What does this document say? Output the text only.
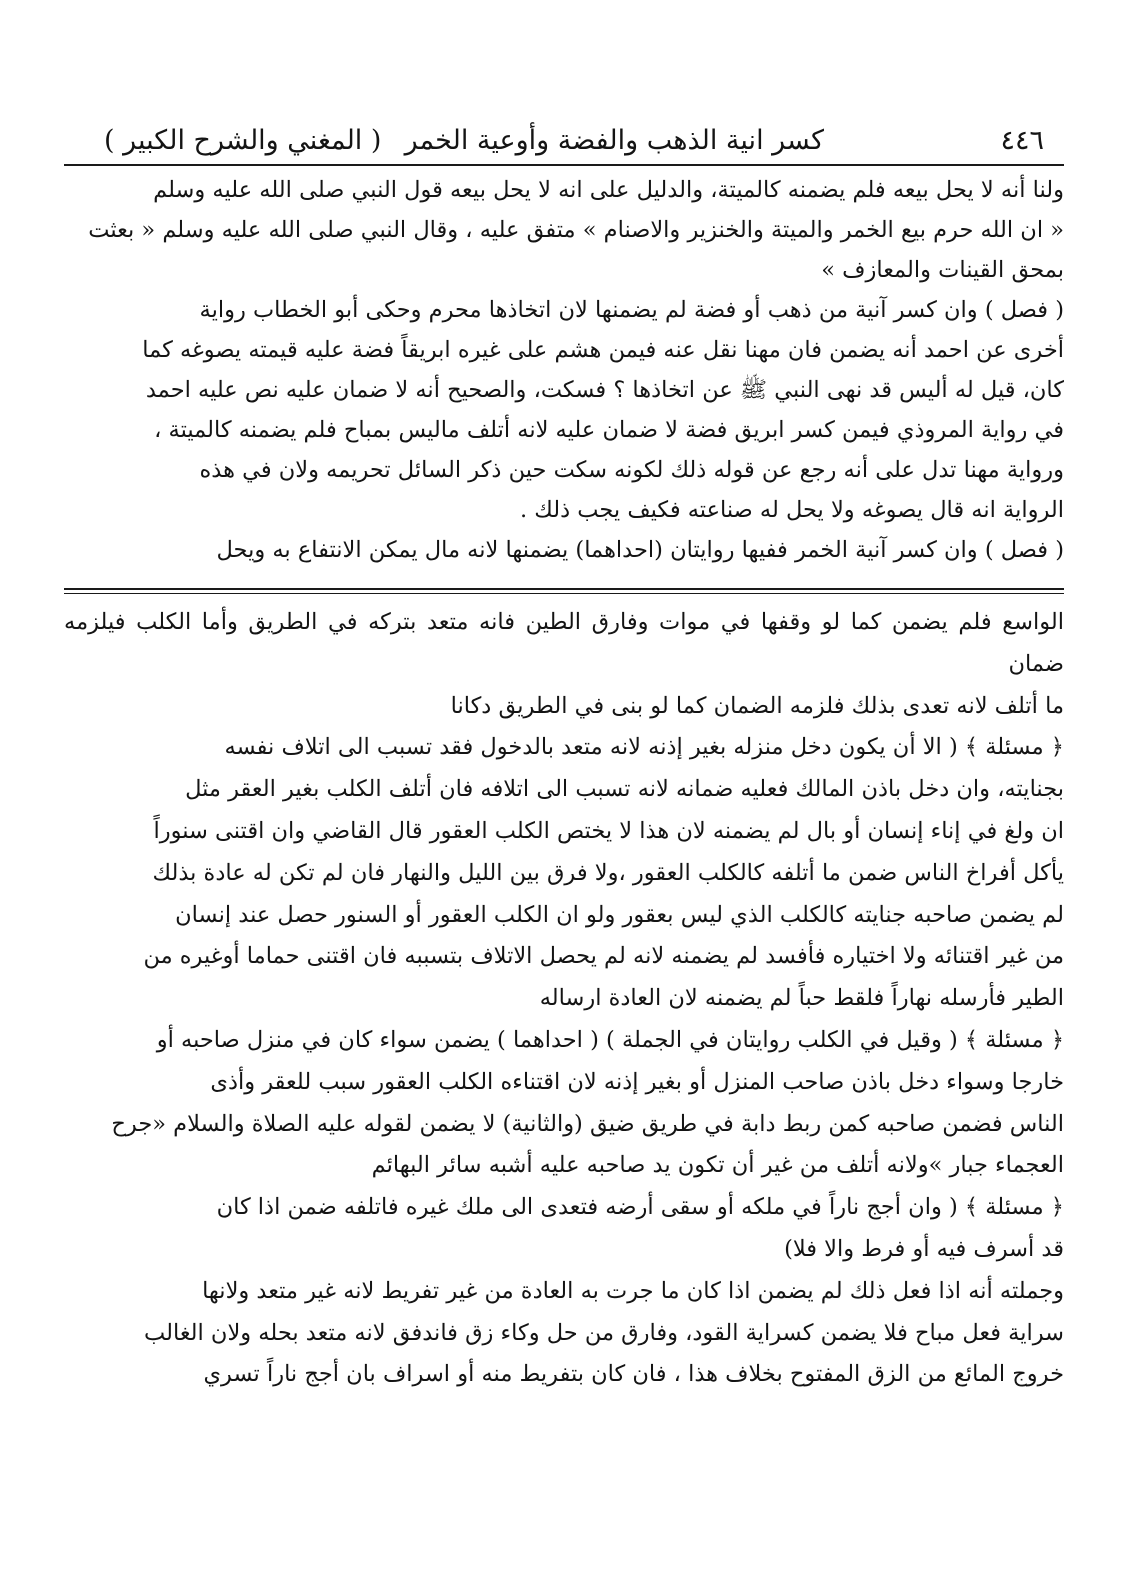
٤٤٦
كسر انية الذهب والفضة وأوعية الخمر
( المغني والشرح الكبير )

ولنا أنه لا يحل بيعه فلم يضمنه كالميتة، والدليل على انه لا يحل بيعه قول النبي صلى الله عليه وسلم

« ان الله حرم بيع الخمر والميتة والخنزير والاصنام » متفق عليه ، وقال النبي صلى الله عليه وسلم « بعثت

بمحق القينات والمعازف »

( فصل ) وان كسر آنية من ذهب أو فضة لم يضمنها لان اتخاذها محرم وحكى أبو الخطاب رواية

أخرى عن احمد أنه يضمن فان مهنا نقل عنه فيمن هشم على غيره ابريقاً فضة عليه قيمته يصوغه كما

كان، قيل له أليس قد نهى النبي ﷺ عن اتخاذها ؟ فسكت، والصحيح أنه لا ضمان عليه نص عليه احمد

في رواية المروذي فيمن كسر ابريق فضة لا ضمان عليه لانه أتلف ماليس بمباح فلم يضمنه كالميتة ،

ورواية مهنا تدل على أنه رجع عن قوله ذلك لكونه سكت حين ذكر السائل تحريمه ولان في هذه

الرواية انه قال يصوغه ولا يحل له صناعته فكيف يجب ذلك .

( فصل ) وان كسر آنية الخمر ففيها روايتان (احداهما) يضمنها لانه مال يمكن الانتفاع به ويحل

الواسع فلم يضمن كما لو وقفها في موات وفارق الطين فانه متعد بتركه في الطريق وأما الكلب فيلزمه ضمان

ما أتلف لانه تعدى بذلك فلزمه الضمان كما لو بنى في الطريق دكانا

﴿ مسئلة ﴾ ( الا أن يكون دخل منزله بغير إذنه لانه متعد بالدخول فقد تسبب الى اتلاف نفسه

بجنايته، وان دخل باذن المالك فعليه ضمانه لانه تسبب الى اتلافه فان أتلف الكلب بغير العقر مثل

ان ولغ في إناء إنسان أو بال لم يضمنه لان هذا لا يختص الكلب العقور قال القاضي وان اقتنى سنوراً

يأكل أفراخ الناس ضمن ما أتلفه كالكلب العقور ،ولا فرق بين الليل والنهار فان لم تكن له عادة بذلك

لم يضمن صاحبه جنايته كالكلب الذي ليس بعقور ولو ان الكلب العقور أو السنور حصل عند إنسان

من غير اقتنائه ولا اختياره فأفسد لم يضمنه لانه لم يحصل الاتلاف بتسببه فان اقتنى حماما أوغيره من

الطير فأرسله نهاراً فلقط حباً لم يضمنه لان العادة ارساله

﴿ مسئلة ﴾ ( وقيل في الكلب روايتان في الجملة ) ( احداهما ) يضمن سواء كان في منزل صاحبه أو

خارجا وسواء دخل باذن صاحب المنزل أو بغير إذنه لان اقتناءه الكلب العقور سبب للعقر وأذى

الناس فضمن صاحبه كمن ربط دابة في طريق ضيق (والثانية) لا يضمن لقوله عليه الصلاة والسلام «جرح

العجماء جبار »ولانه أتلف من غير أن تكون يد صاحبه عليه أشبه سائر البهائم

﴿ مسئلة ﴾ ( وان أجج ناراً في ملكه أو سقى أرضه فتعدى الى ملك غيره فاتلفه ضمن اذا كان

قد أسرف فيه أو فرط والا فلا)

وجملته أنه اذا فعل ذلك لم يضمن اذا كان ما جرت به العادة من غير تفريط لانه غير متعد ولانها

سراية فعل مباح فلا يضمن كسراية القود، وفارق من حل وكاء زق فاندفق لانه متعد بحله ولان الغالب

خروج المائع من الزق المفتوح بخلاف هذا ، فان كان بتفريط منه أو اسراف بان أجج ناراً تسري
